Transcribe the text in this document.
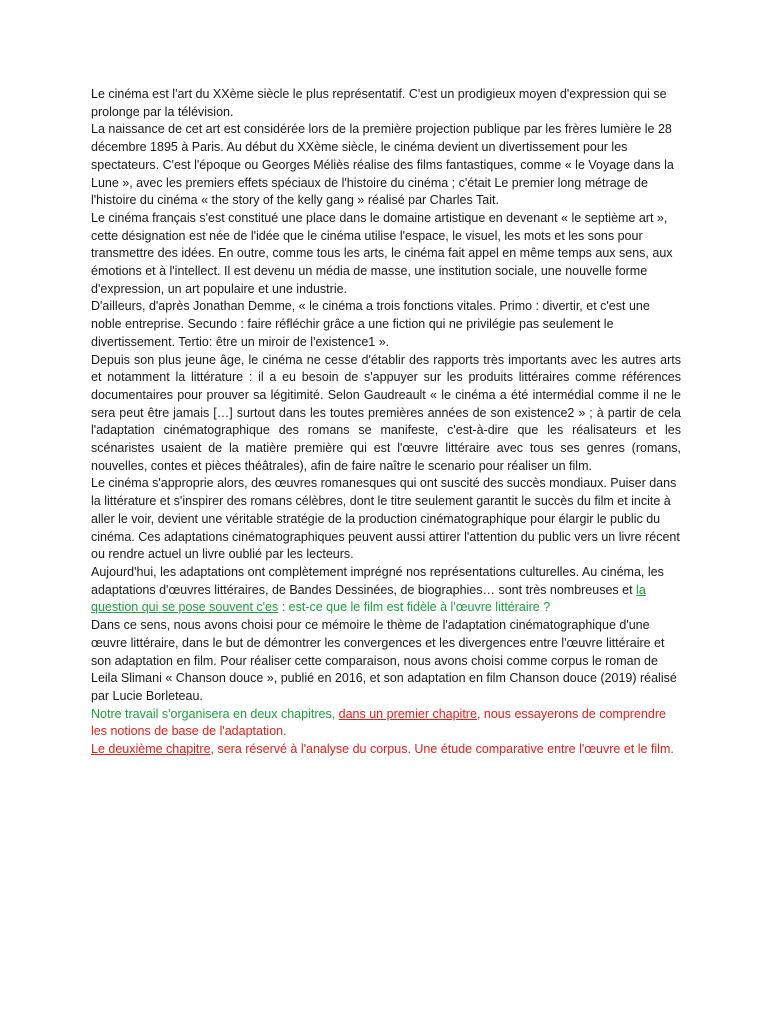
Le cinéma est l'art du XXème siècle le plus représentatif. C'est un prodigieux moyen d'expression qui se prolonge par la télévision.

La naissance de cet art est considérée lors de la première projection publique par les frères lumière le 28 décembre 1895 à Paris. Au début du XXème siècle, le cinéma devient un divertissement pour les spectateurs. C'est l'époque ou Georges Méliès réalise des films fantastiques, comme « le Voyage dans la Lune », avec les premiers effets spéciaux de l'histoire du cinéma ; c'était Le premier long métrage de l'histoire du cinéma « the story of the kelly gang » réalisé par Charles Tait.

Le cinéma français s'est constitué une place dans le domaine artistique en devenant « le septième art », cette désignation est née de l'idée que le cinéma utilise l'espace, le visuel, les mots et les sons pour transmettre des idées. En outre, comme tous les arts, le cinéma fait appel en même temps aux sens, aux émotions et à l'intellect. Il est devenu un média de masse, une institution sociale, une nouvelle forme d'expression, un art populaire et une industrie.

D'ailleurs, d'après Jonathan Demme, « le cinéma a trois fonctions vitales. Primo : divertir, et c'est une noble entreprise. Secundo : faire réfléchir grâce a une fiction qui ne privilégie pas seulement le divertissement. Tertio: être un miroir de l'existence1 ».

Depuis son plus jeune âge, le cinéma ne cesse d'établir des rapports très importants avec les autres arts et notamment la littérature : il a eu besoin de s'appuyer sur les produits littéraires comme références documentaires pour prouver sa légitimité. Selon Gaudreault « le cinéma a été intermédial comme il ne le sera peut être jamais […] surtout dans les toutes premières années de son existence2 » ; à partir de cela l'adaptation cinématographique des romans se manifeste, c'est-à-dire que les réalisateurs et les scénaristes usaient de la matière première qui est l'œuvre littéraire avec tous ses genres (romans, nouvelles, contes et pièces théâtrales), afin de faire naître le scenario pour réaliser un film.

Le cinéma s'approprie alors, des œuvres romanesques qui ont suscité des succès mondiaux. Puiser dans la littérature et s'inspirer des romans célèbres, dont le titre seulement garantit le succès du film et incite à aller le voir, devient une véritable stratégie de la production cinématographique pour élargir le public du cinéma. Ces adaptations cinématographiques peuvent aussi attirer l'attention du public vers un livre récent ou rendre actuel un livre oublié par les lecteurs.

Aujourd'hui, les adaptations ont complètement imprégné nos représentations culturelles. Au cinéma, les adaptations d'œuvres littéraires, de Bandes Dessinées, de biographies… sont très nombreuses et la question qui se pose souvent c'es : est-ce que le film est fidèle à l'œuvre littéraire ?

Dans ce sens, nous avons choisi pour ce mémoire le thème de l'adaptation cinématographique d'une œuvre littéraire, dans le but de démontrer les convergences et les divergences entre l'œuvre littéraire et son adaptation en film. Pour réaliser cette comparaison, nous avons choisi comme corpus le roman de Leila Slimani « Chanson douce », publié en 2016, et son adaptation en film Chanson douce (2019) réalisé par Lucie Borleteau.

Notre travail s'organisera en deux chapitres, dans un premier chapitre, nous essayerons de comprendre les notions de base de l'adaptation.

Le deuxième chapitre, sera réservé à l'analyse du corpus. Une étude comparative entre l'œuvre et le film.
